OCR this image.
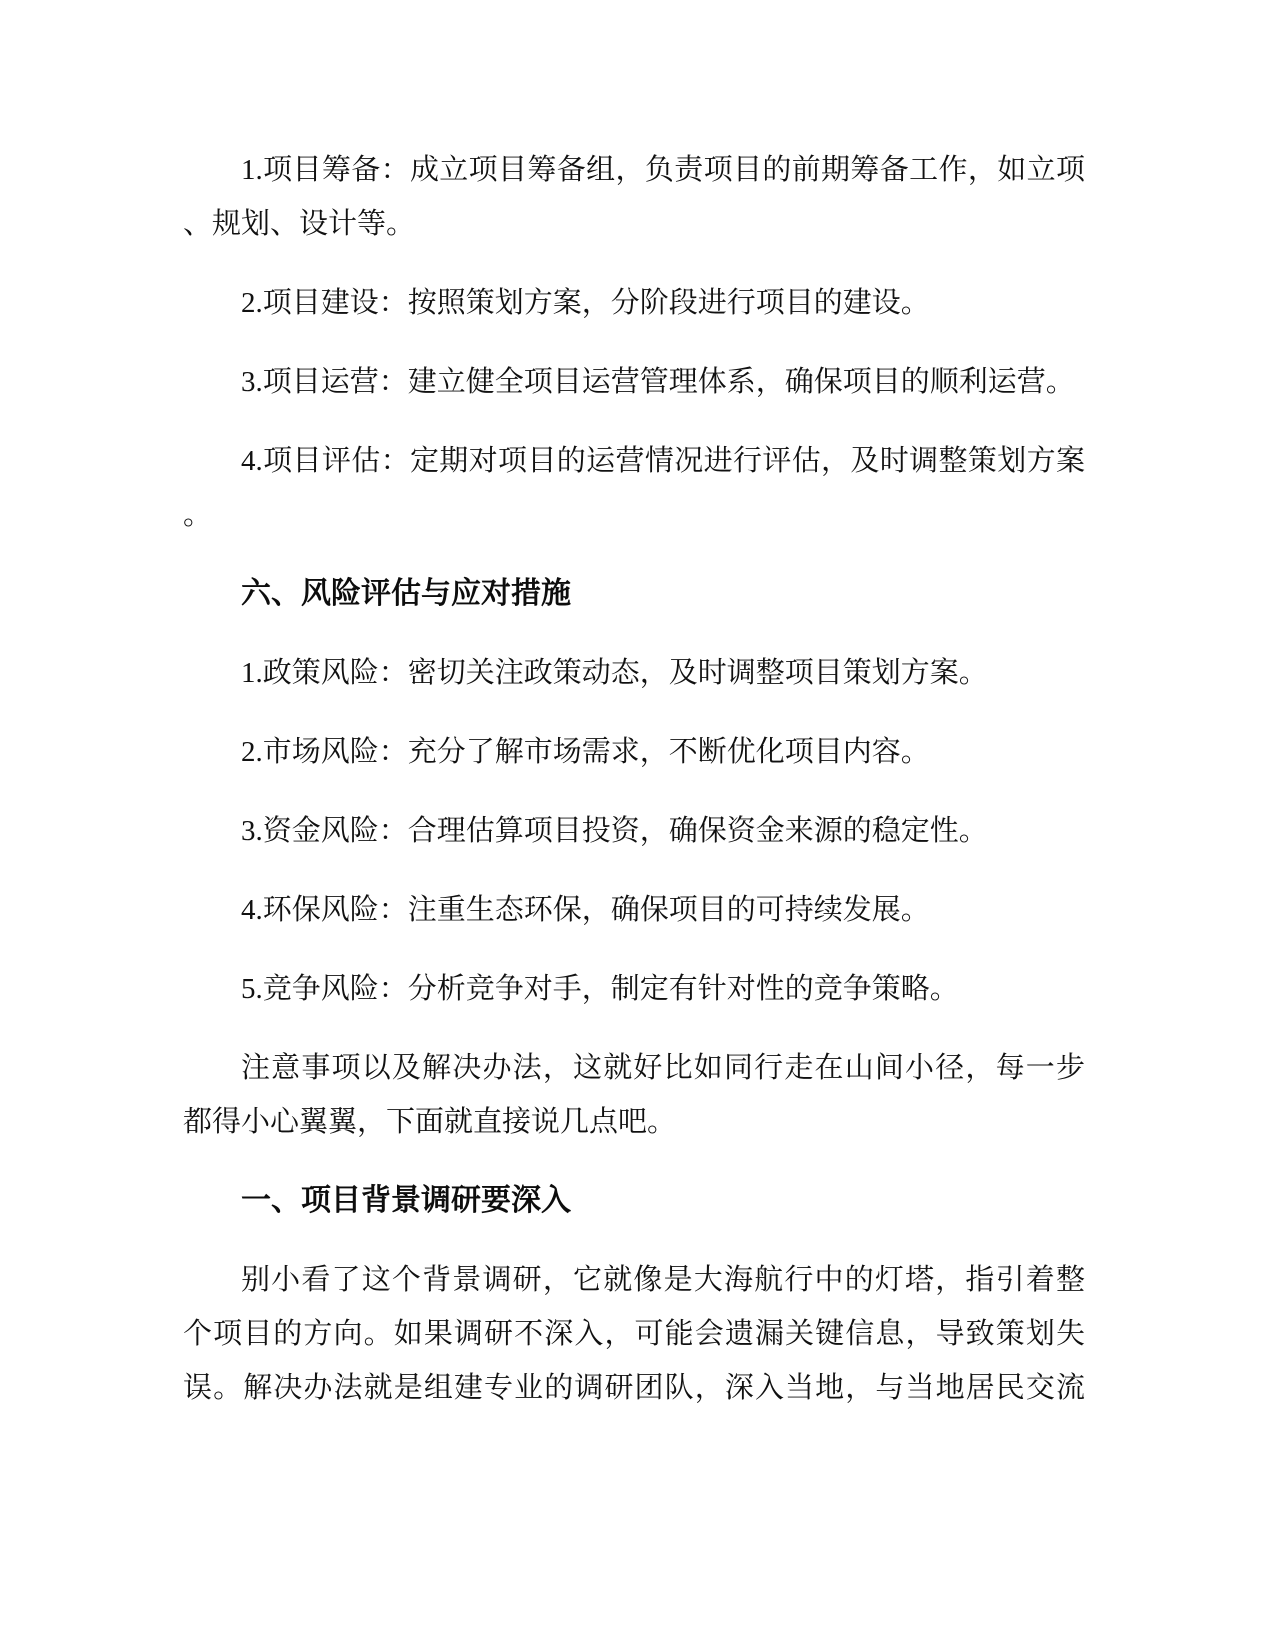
1.项目筹备：成立项目筹备组，负责项目的前期筹备工作，如立项
、规划、设计等。
2.项目建设：按照策划方案，分阶段进行项目的建设。
3.项目运营：建立健全项目运营管理体系，确保项目的顺利运营。
4.项目评估：定期对项目的运营情况进行评估，及时调整策划方案
。
六、风险评估与应对措施
1.政策风险：密切关注政策动态，及时调整项目策划方案。
2.市场风险：充分了解市场需求，不断优化项目内容。
3.资金风险：合理估算项目投资，确保资金来源的稳定性。
4.环保风险：注重生态环保，确保项目的可持续发展。
5.竞争风险：分析竞争对手，制定有针对性的竞争策略。
注意事项以及解决办法，这就好比如同行走在山间小径，每一步
都得小心翼翼，下面就直接说几点吧。
一、项目背景调研要深入
别小看了这个背景调研，它就像是大海航行中的灯塔，指引着整
个项目的方向。如果调研不深入，可能会遗漏关键信息，导致策划失
误。解决办法就是组建专业的调研团队，深入当地，与当地居民交流
